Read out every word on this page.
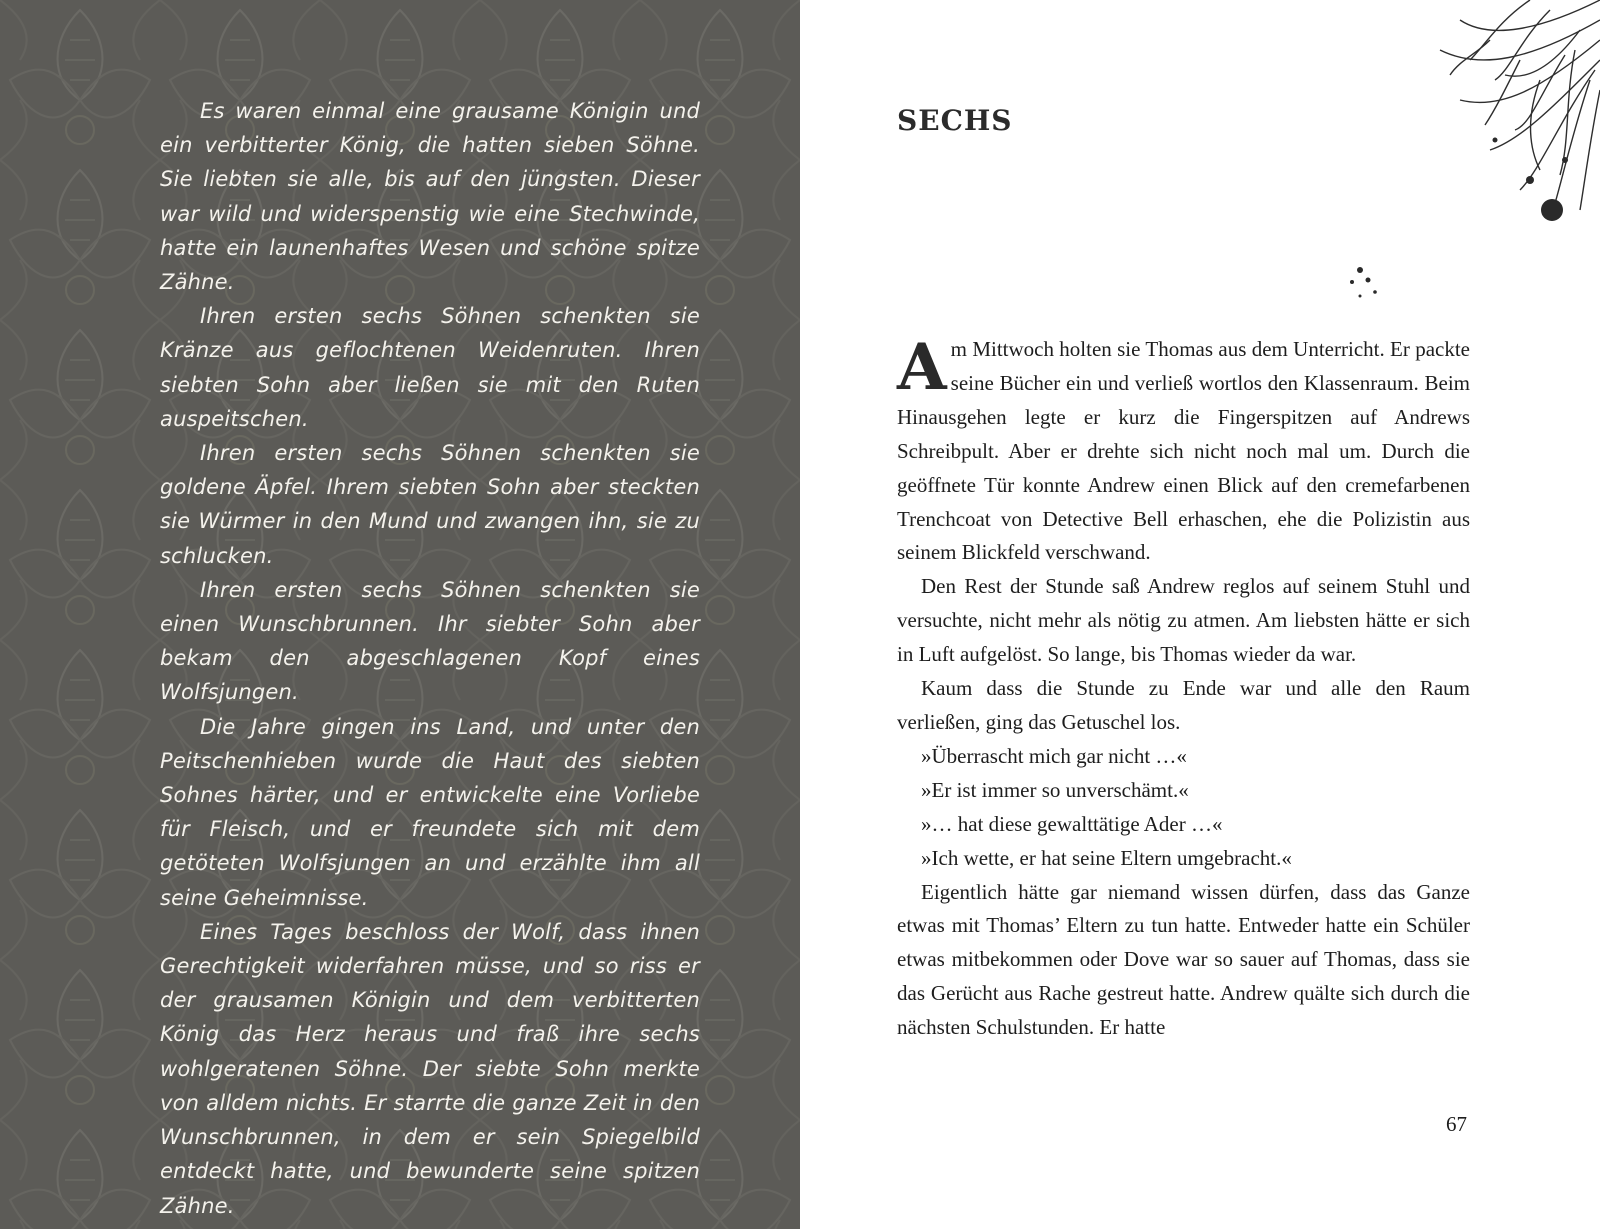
Es waren einmal eine grausame Königin und ein verbitterter König, die hatten sieben Söhne. Sie liebten sie alle, bis auf den jüngsten. Dieser war wild und widerspenstig wie eine Stechwinde, hatte ein launenhaftes Wesen und schöne spitze Zähne.

Ihren ersten sechs Söhnen schenkten sie Kränze aus geflochtenen Weidenruten. Ihren siebten Sohn aber ließen sie mit den Ruten auspeitschen.

Ihren ersten sechs Söhnen schenkten sie goldene Äpfel. Ihrem siebten Sohn aber steckten sie Würmer in den Mund und zwangen ihn, sie zu schlucken.

Ihren ersten sechs Söhnen schenkten sie einen Wunschbrunnen. Ihr siebter Sohn aber bekam den abgeschlagenen Kopf eines Wolfsjungen.

Die Jahre gingen ins Land, und unter den Peitschenhieben wurde die Haut des siebten Sohnes härter, und er entwickelte eine Vorliebe für Fleisch, und er freundete sich mit dem getöteten Wolfsjungen an und erzählte ihm all seine Geheimnisse.

Eines Tages beschloss der Wolf, dass ihnen Gerechtigkeit widerfahren müsse, und so riss er der grausamen Königin und dem verbitterten König das Herz heraus und fraß ihre sechs wohlgeratenen Söhne. Der siebte Sohn merkte von alldem nichts. Er starrte die ganze Zeit in den Wunschbrunnen, in dem er sein Spiegelbild entdeckt hatte, und bewunderte seine spitzen Zähne.

SECHS

Am Mittwoch holten sie Thomas aus dem Unterricht. Er packte seine Bücher ein und verließ wortlos den Klassenraum. Beim Hinausgehen legte er kurz die Fingerspitzen auf Andrews Schreibpult. Aber er drehte sich nicht noch mal um. Durch die geöffnete Tür konnte Andrew einen Blick auf den cremefarbenen Trenchcoat von Detective Bell erhaschen, ehe die Polizistin aus seinem Blickfeld verschwand.

Den Rest der Stunde saß Andrew reglos auf seinem Stuhl und versuchte, nicht mehr als nötig zu atmen. Am liebsten hätte er sich in Luft aufgelöst. So lange, bis Thomas wieder da war.

Kaum dass die Stunde zu Ende war und alle den Raum verließen, ging das Getuschel los.

»Überrascht mich gar nicht …«

»Er ist immer so unverschämt.«

»… hat diese gewalttätige Ader …«

»Ich wette, er hat seine Eltern umgebracht.«

Eigentlich hätte gar niemand wissen dürfen, dass das Ganze etwas mit Thomas’ Eltern zu tun hatte. Entweder hatte ein Schüler etwas mitbekommen oder Dove war so sauer auf Thomas, dass sie das Gerücht aus Rache gestreut hatte. Andrew quälte sich durch die nächsten Schulstunden. Er hatte

67
